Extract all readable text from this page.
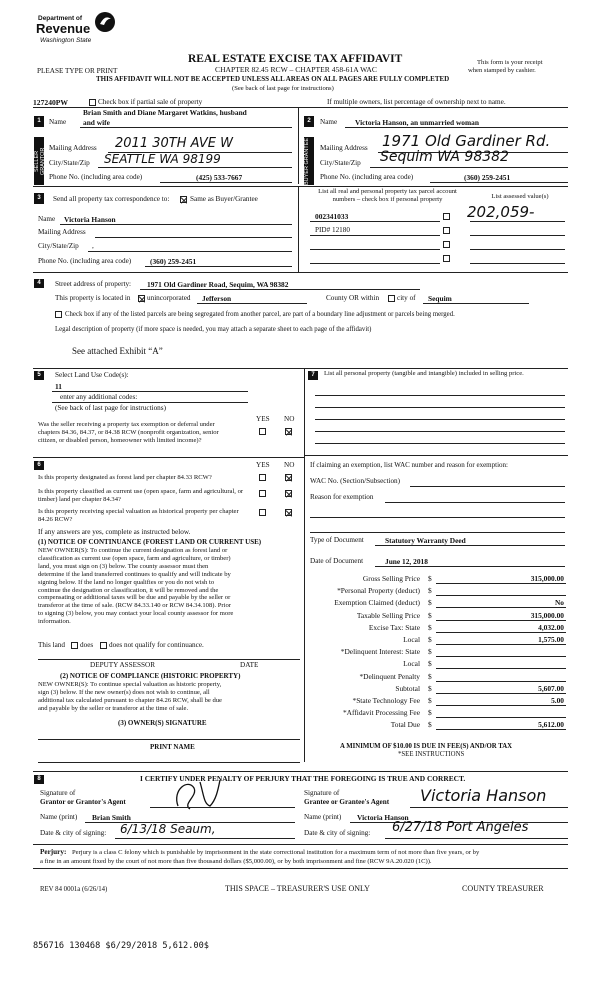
Department of
Revenue
Washington State
REAL ESTATE EXCISE TAX AFFIDAVIT
CHAPTER 82.45 RCW – CHAPTER 458-61A WAC
PLEASE TYPE OR PRINT
This form is your receipt
when stamped by cashier.
THIS AFFIDAVIT WILL NOT BE ACCEPTED UNLESS ALL AREAS ON ALL PAGES ARE FULLY COMPLETED
(See back of last page for instructions)
127240PW	Check box if partial sale of property	If multiple owners, list percentage of ownership next to name.
1
SELLER GRANTOR
Brian Smith and Diane Margaret Watkins, husband
Name and wife
Mailing Address 2011 30TH AVE W
City/State/Zip SEATTLE WA 98199
Phone No. (including area code)	(425) 533-7667
2
BUYER GRANTEE
Name Victoria Hanson, an unmarried woman
Mailing Address 1971 Old Gardiner Rd.
City/State/Zip Sequim WA 98382
Phone No. (including area code)	(360) 259-2451
3	Send all property tax correspondence to:	Same as Buyer/Grantee
Name Victoria Hanson
Mailing Address
City/State/Zip ,
Phone No. (including area code)	(360) 259-2451
List all real and personal property tax parcel account numbers – check box if personal property	List assessed value(s)
002341033	202,059-
PID# 12180
4	Street address of property: 1971 Old Gardiner Road, Sequim, WA 98382
This property is located in unincorporated Jefferson	County OR within city of Sequim
Check box if any of the listed parcels are being segregated from another parcel, are part of a boundary line adjustment or parcels being merged.
Legal description of property (if more space is needed, you may attach a separate sheet to each page of the affidavit)
See attached Exhibit “A”
5	Select Land Use Code(s):
11
enter any additional codes:
(See back of last page for instructions)
YES NO
Was the seller receiving a property tax exemption or deferral under chapters 84.36, 84.37, or 84.38 RCW (nonprofit organization, senior citizen, or disabled person, homeowner with limited income)?
7	List all personal property (tangible and intangible) included in selling price.
6	YES NO
Is this property designated as forest land per chapter 84.33 RCW?
Is this property classified as current use (open space, farm and agricultural, or timber) land per chapter 84.34?
Is this property receiving special valuation as historical property per chapter 84.26 RCW?
If any answers are yes, complete as instructed below.
(1) NOTICE OF CONTINUANCE (FOREST LAND OR CURRENT USE)
NEW OWNER(S): To continue the current designation as forest land or
classification as current use (open space, farm and agriculture, or timber)
land, you must sign on (3) below. The county assessor must then
determine if the land transferred continues to qualify and will indicate by
signing below. If the land no longer qualifies or you do not wish to
continue the designation or classification, it will be removed and the
compensating or additional taxes will be due and payable by the seller or
transferor at the time of sale. (RCW 84.33.140 or RCW 84.34.108). Prior
to signing (3) below, you may contact your local county assessor for more
information.
This land does does not qualify for continuance.
DEPUTY ASSESSOR	DATE
(2) NOTICE OF COMPLIANCE (HISTORIC PROPERTY)
NEW OWNER(S): To continue special valuation as historic property,
sign (3) below. If the new owner(s) does not wish to continue, all
additional tax calculated pursuant to chapter 84.26 RCW, shall be due
and payable by the seller or transferor at the time of sale.
(3) OWNER(S) SIGNATURE
PRINT NAME
If claiming an exemption, list WAC number and reason for exemption:
WAC No. (Section/Subsection)
Reason for exemption
Type of Document	Statutory Warranty Deed
Date of Document	June 12, 2018
Gross Selling Price $	315,000.00
*Personal Property (deduct) $
Exemption Claimed (deduct) $	No
Taxable Selling Price $	315,000.00
Excise Tax: State $	4,032.00
Local $	1,575.00
*Delinquent Interest: State $
Local $
*Delinquent Penalty $
Subtotal $	5,607.00
*State Technology Fee $	5.00
*Affidavit Processing Fee $
Total Due $	5,612.00
A MINIMUM OF $10.00 IS DUE IN FEE(S) AND/OR TAX
*SEE INSTRUCTIONS
8	I CERTIFY UNDER PENALTY OF PERJURY THAT THE FOREGOING IS TRUE AND CORRECT.
Signature of
Grantor or Grantor's Agent
Name (print) Brian Smith
Date & city of signing: 6/13/18 Seaum,
Signature of
Grantee or Grantee's Agent Victoria Hanson
Name (print) Victoria Hanson
Date & city of signing: 6/27/18 Port Angeles
Perjury: Perjury is a class C felony which is punishable by imprisonment in the state correctional institution for a maximum term of not more than five years, or by
a fine in an amount fixed by the court of not more than five thousand dollars ($5,000.00), or by both imprisonment and fine (RCW 9A.20.020 (1C)).
REV 84 0001a (6/26/14)	THIS SPACE – TREASURER'S USE ONLY	COUNTY TREASURER
856716 130468 $6/29/2018 5,612.00$
